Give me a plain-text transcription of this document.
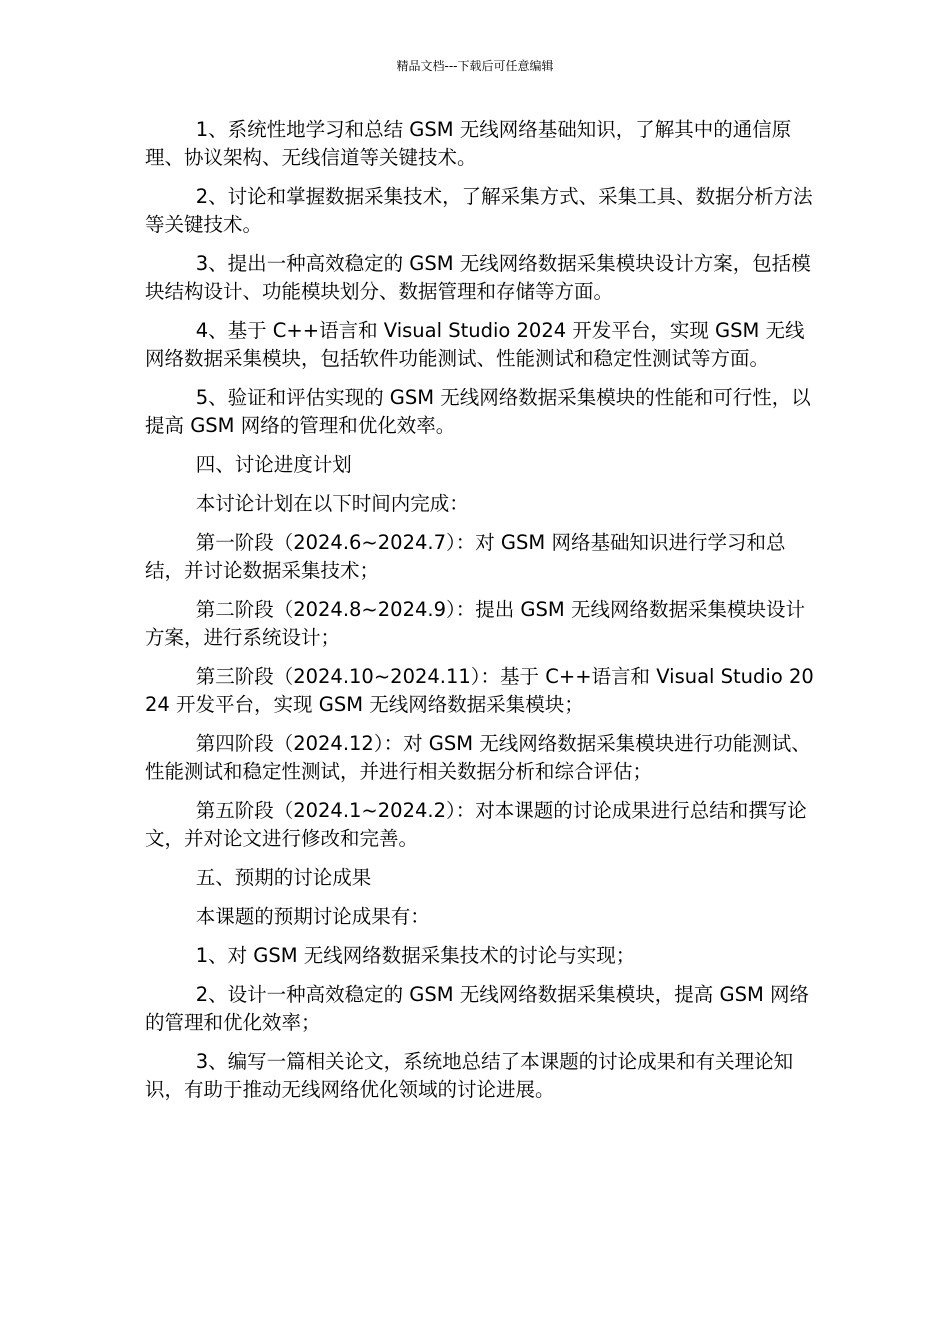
精品文档---下载后可任意编辑

1、系统性地学习和总结 GSM 无线网络基础知识，了解其中的通信原理、协议架构、无线信道等关键技术。

2、讨论和掌握数据采集技术，了解采集方式、采集工具、数据分析方法等关键技术。

3、提出一种高效稳定的 GSM 无线网络数据采集模块设计方案，包括模块结构设计、功能模块划分、数据管理和存储等方面。

4、基于 C++语言和 Visual Studio 2024 开发平台，实现 GSM 无线网络数据采集模块，包括软件功能测试、性能测试和稳定性测试等方面。

5、验证和评估实现的 GSM 无线网络数据采集模块的性能和可行性，以提高 GSM 网络的管理和优化效率。

四、讨论进度计划

本讨论计划在以下时间内完成：

第一阶段（2024.6~2024.7）：对 GSM 网络基础知识进行学习和总结，并讨论数据采集技术；

第二阶段（2024.8~2024.9）：提出 GSM 无线网络数据采集模块设计方案，进行系统设计；

第三阶段（2024.10~2024.11）：基于 C++语言和 Visual Studio 2024 开发平台，实现 GSM 无线网络数据采集模块；

第四阶段（2024.12）：对 GSM 无线网络数据采集模块进行功能测试、性能测试和稳定性测试，并进行相关数据分析和综合评估；

第五阶段（2024.1~2024.2）：对本课题的讨论成果进行总结和撰写论文，并对论文进行修改和完善。

五、预期的讨论成果

本课题的预期讨论成果有：

1、对 GSM 无线网络数据采集技术的讨论与实现；

2、设计一种高效稳定的 GSM 无线网络数据采集模块，提高 GSM 网络的管理和优化效率；

3、编写一篇相关论文，系统地总结了本课题的讨论成果和有关理论知识，有助于推动无线网络优化领域的讨论进展。
